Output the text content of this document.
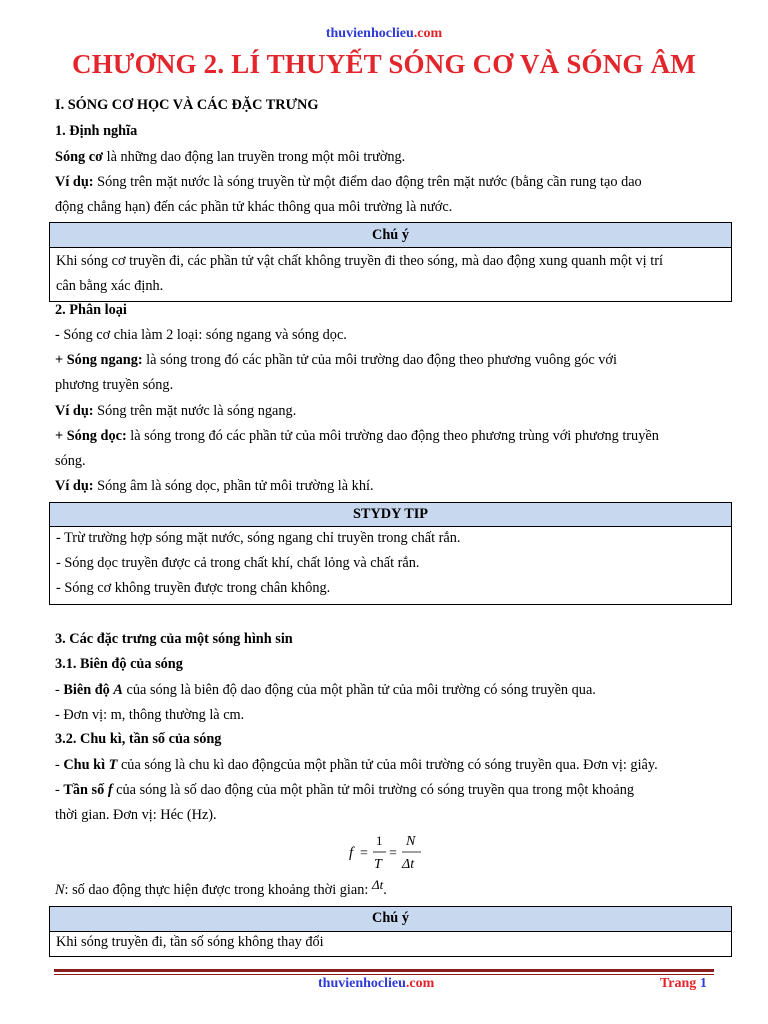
thuvienhoclieu.com
CHƯƠNG 2. LÍ THUYẾT SÓNG CƠ VÀ SÓNG ÂM
I. SÓNG CƠ HỌC VÀ CÁC ĐẶC TRƯNG
1. Định nghĩa
Sóng cơ là những dao động lan truyền trong một môi trường.
Ví dụ: Sóng trên mặt nước là sóng truyền từ một điểm dao động trên mặt nước (bằng cần rung tạo dao
động chẳng hạn) đến các phần tử khác thông qua môi trường là nước.
Chú ý
Khi sóng cơ truyền đi, các phần tử vật chất không truyền đi theo sóng, mà dao động xung quanh một vị trí
cân bằng xác định.
2. Phân loại
- Sóng cơ chia làm 2 loại: sóng ngang và sóng dọc.
+ Sóng ngang: là sóng trong đó các phần tử của môi trường dao động theo phương vuông góc với
phương truyền sóng.
Ví dụ: Sóng trên mặt nước là sóng ngang.
+ Sóng dọc: là sóng trong đó các phần tử của môi trường dao động theo phương trùng với phương truyền
sóng.
Ví dụ: Sóng âm là sóng dọc, phần tử môi trường là khí.
STYDY TIP
- Trừ trường hợp sóng mặt nước, sóng ngang chỉ truyền trong chất rắn.
- Sóng dọc truyền được cả trong chất khí, chất lỏng và chất rắn.
- Sóng cơ không truyền được trong chân không.
3. Các đặc trưng của một sóng hình sin
3.1. Biên độ của sóng
- Biên độ A của sóng là biên độ dao động của một phần tử của môi trường có sóng truyền qua.
- Đơn vị: m, thông thường là cm.
3.2. Chu kì, tần số của sóng
- Chu kì T của sóng là chu kì dao độngcủa một phần tử của môi trường có sóng truyền qua. Đơn vị: giây.
- Tần số f của sóng là số dao động của một phần tử môi trường có sóng truyền qua trong một khoảng
thời gian. Đơn vị: Héc (Hz).
f =
1
T
=
N
Δt
N: số dao động thực hiện được trong khoảng thời gian: Δt.
Chú ý
Khi sóng truyền đi, tần số sóng không thay đổi
thuvienhoclieu.com	Trang 1
